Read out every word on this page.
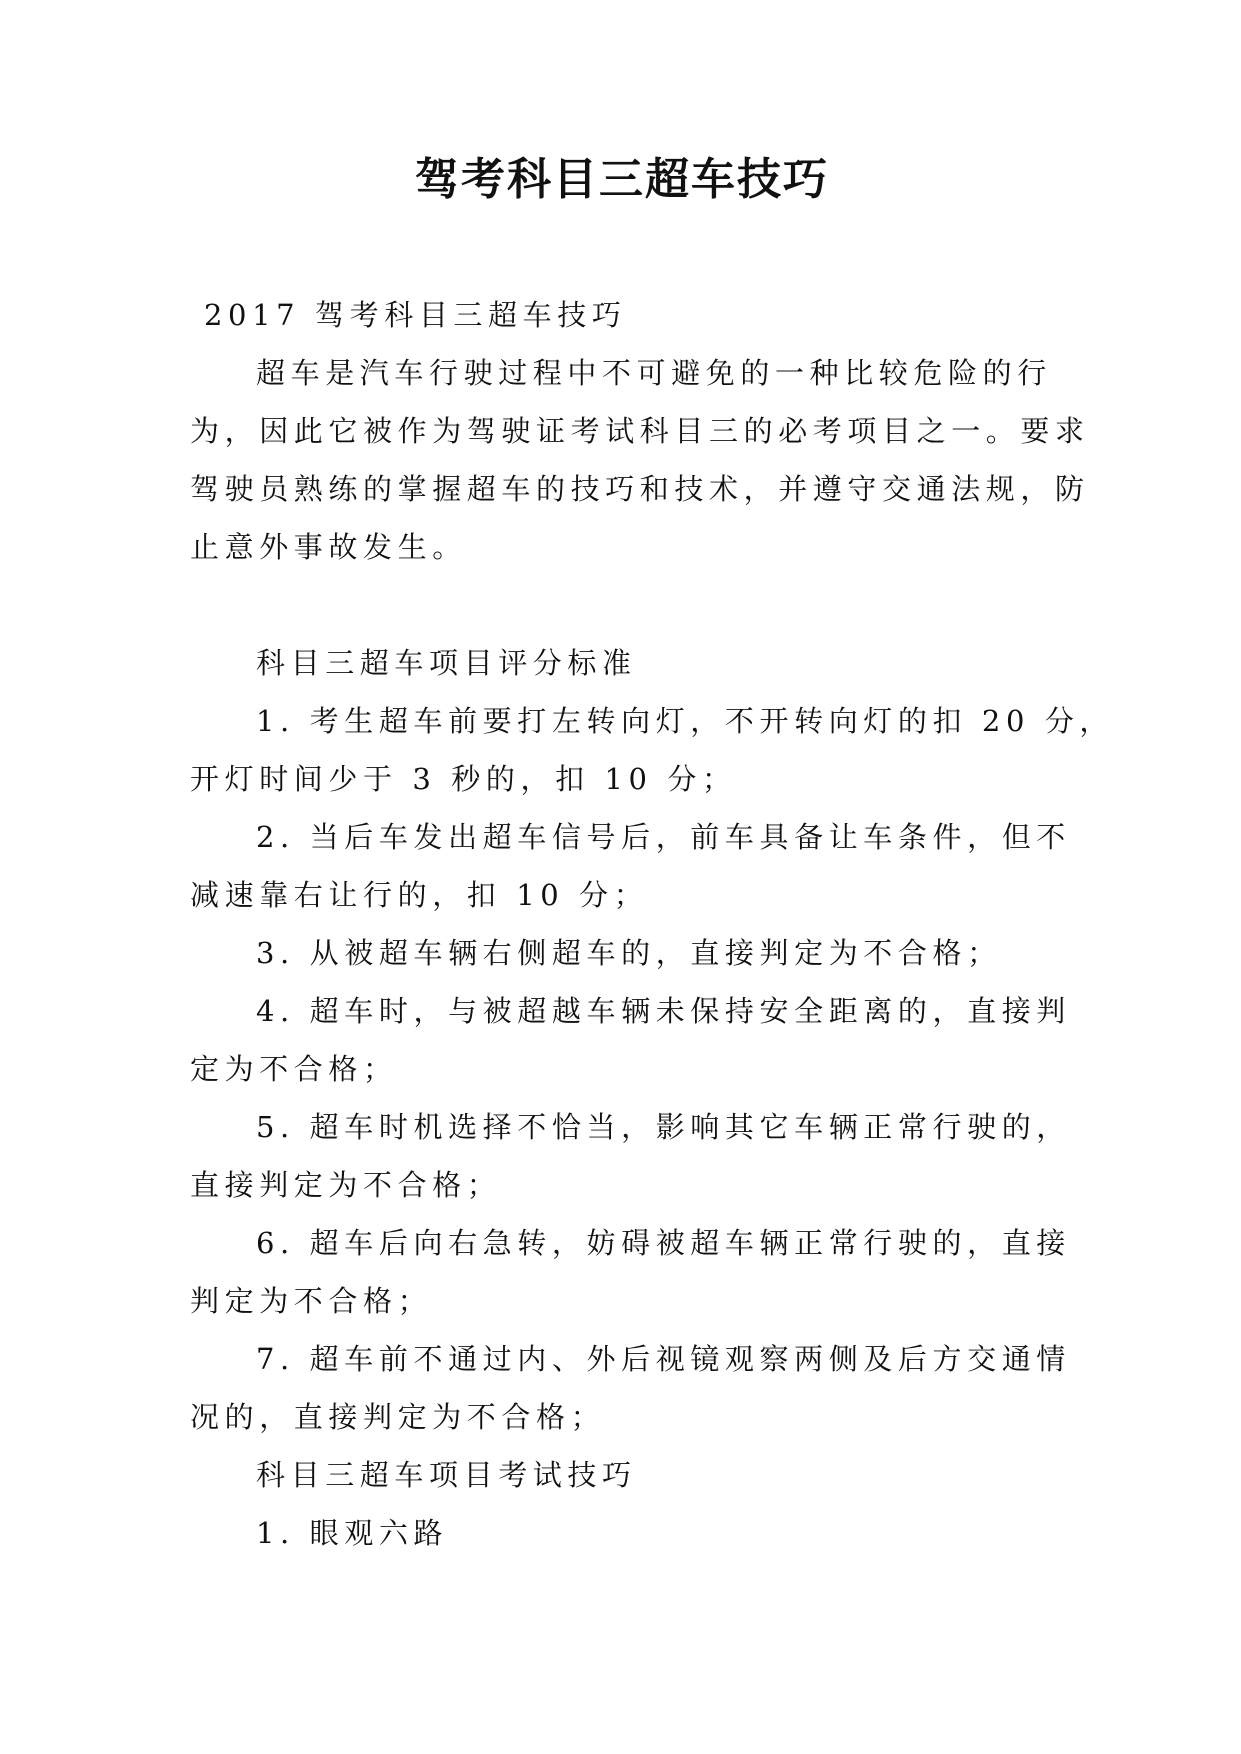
驾考科目三超车技巧

2017 驾考科目三超车技巧

超车是汽车行驶过程中不可避免的一种比较危险的行

为，因此它被作为驾驶证考试科目三的必考项目之一。要求

驾驶员熟练的掌握超车的技巧和技术，并遵守交通法规，防

止意外事故发生。

科目三超车项目评分标准

1. 考生超车前要打左转向灯，不开转向灯的扣 20 分，

开灯时间少于 3 秒的，扣 10 分；

2. 当后车发出超车信号后，前车具备让车条件，但不

减速靠右让行的，扣 10 分；

3. 从被超车辆右侧超车的，直接判定为不合格；

4. 超车时，与被超越车辆未保持安全距离的，直接判

定为不合格；

5. 超车时机选择不恰当，影响其它车辆正常行驶的，

直接判定为不合格；

6. 超车后向右急转，妨碍被超车辆正常行驶的，直接

判定为不合格；

7. 超车前不通过内、外后视镜观察两侧及后方交通情

况的，直接判定为不合格；

科目三超车项目考试技巧

1. 眼观六路
